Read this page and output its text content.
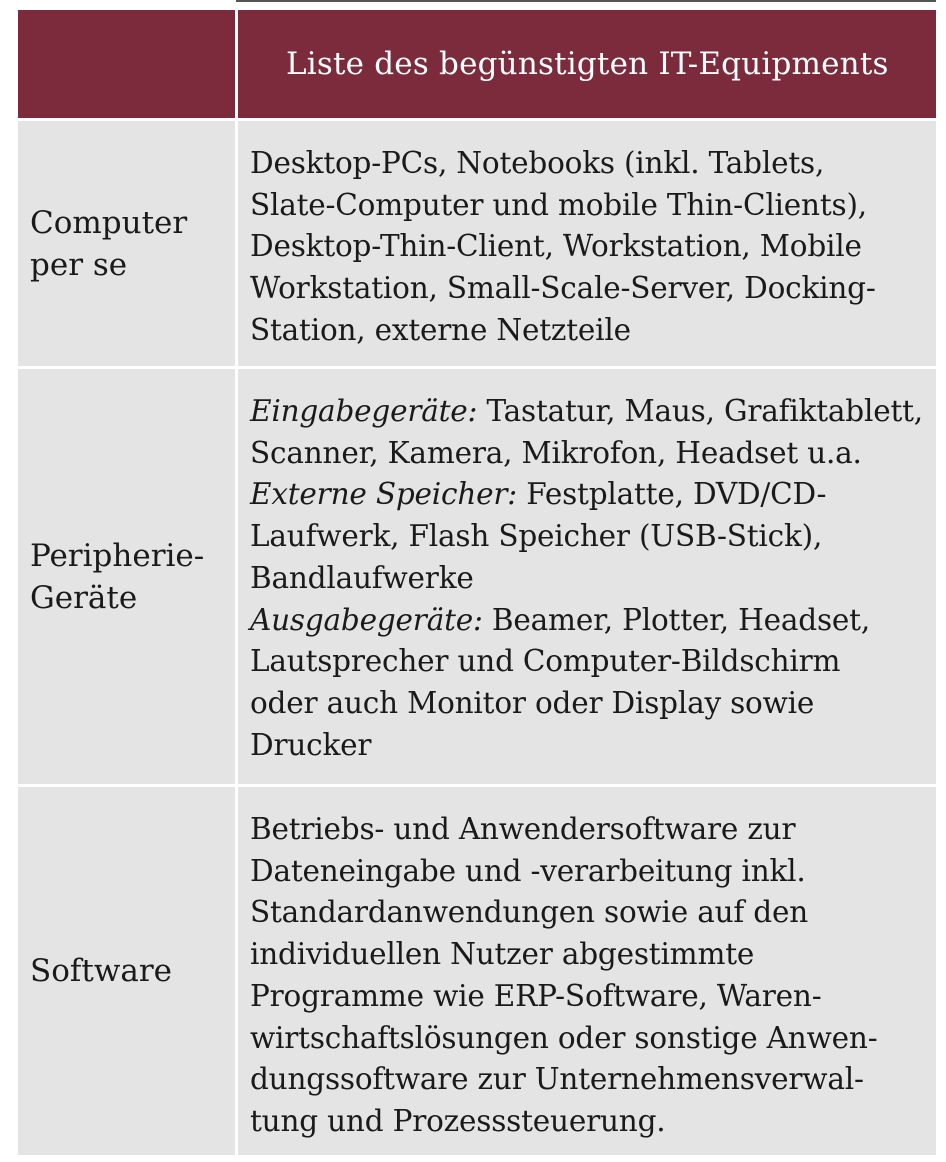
Liste des begünstigten IT-Equipments
Computer
per se
Desktop-PCs, Notebooks (inkl. Tablets,
Slate-Computer und mobile Thin-Clients),
Desktop-Thin-Client, Workstation, Mobile
Workstation, Small-Scale-Server, Docking-
Station, externe Netzteile
Peripherie-
Geräte
Eingabegeräte: Tastatur, Maus, Grafiktablett,
Scanner, Kamera, Mikrofon, Headset u.a.
Externe Speicher: Festplatte, DVD/CD-
Laufwerk, Flash Speicher (USB-Stick),
Bandlaufwerke
Ausgabegeräte: Beamer, Plotter, Headset,
Lautsprecher und Computer-Bildschirm
oder auch Monitor oder Display sowie
Drucker
Software
Betriebs- und Anwendersoftware zur
Dateneingabe und -verarbeitung inkl.
Standardanwendungen sowie auf den
individuellen Nutzer abgestimmte
Programme wie ERP-Software, Waren-
wirtschaftslösungen oder sonstige Anwen-
dungssoftware zur Unternehmensverwal-
tung und Prozesssteuerung.
